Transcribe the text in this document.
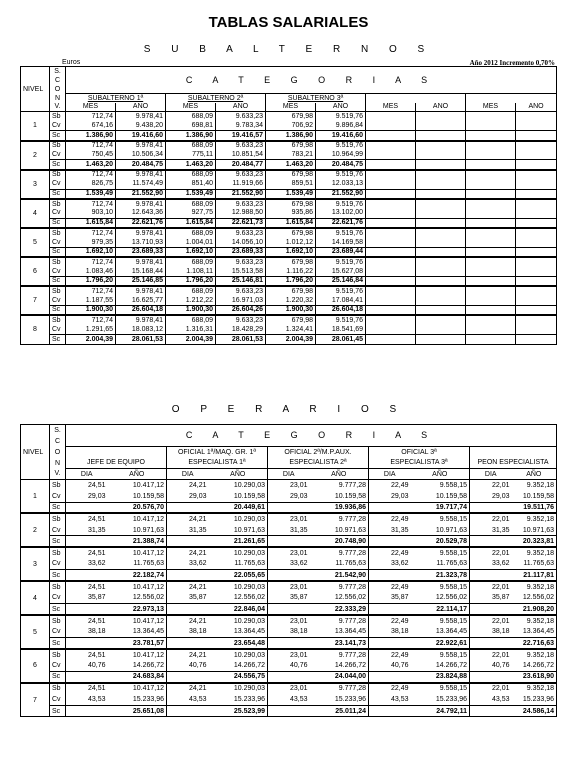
TABLAS SALARIALES
S U B A L T E R N O S
Euros	Año 2012 Incremento 0,70%
NIVEL	S.	C A T E G O R I A S									
	C										
	O										
	N	SUBALTERNO 1ª		SUBALTERNO 2ª		SUBALTERNO 3ª					
	V.	MES	AÑO	MES	AÑO	MES	AÑO	MES	AÑO	MES	AÑO
1	Sb	712,74	9.978,41	688,09	9.633,23	679,98	9.519,76				
	Cv	674,16	9.438,20	698,81	9.783,34	706,92	9.896,84				
	Sc	1.386,90	19.416,60	1.386,90	19.416,57	1.386,90	19.416,60				
2	Sb	712,74	9.978,41	688,09	9.633,23	679,98	9.519,76				
	Cv	750,45	10.506,34	775,11	10.851,54	783,21	10.964,99				
	Sc	1.463,20	20.484,75	1.463,20	20.484,77	1.463,20	20.484,75				
3	Sb	712,74	9.978,41	688,09	9.633,23	679,98	9.519,76				
	Cv	826,75	11.574,49	851,40	11.919,66	859,51	12.033,13				
	Sc	1.539,49	21.552,90	1.539,49	21.552,90	1.539,49	21.552,90				
4	Sb	712,74	9.978,41	688,09	9.633,23	679,98	9.519,76				
	Cv	903,10	12.643,36	927,75	12.988,50	935,86	13.102,00				
	Sc	1.615,84	22.621,76	1.615,84	22.621,73	1.615,84	22.621,76				
5	Sb	712,74	9.978,41	688,09	9.633,23	679,98	9.519,76				
	Cv	979,35	13.710,93	1.004,01	14.056,10	1.012,12	14.169,58				
	Sc	1.692,10	23.689,33	1.692,10	23.689,33	1.692,10	23.689,44				
6	Sb	712,74	9.978,41	688,09	9.633,23	679,98	9.519,76				
	Cv	1.083,46	15.168,44	1.108,11	15.513,58	1.116,22	15.627,08				
	Sc	1.796,20	25.146,85	1.796,20	25.146,81	1.796,20	25.146,84				
7	Sb	712,74	9.978,41	688,09	9.633,23	679,98	9.519,76				
	Cv	1.187,55	16.625,77	1.212,22	16.971,03	1.220,32	17.084,41				
	Sc	1.900,30	26.604,18	1.900,30	26.604,26	1.900,30	26.604,18				
8	Sb	712,74	9.978,41	688,09	9.633,23	679,98	9.519,76				
	Cv	1.291,65	18.083,12	1.316,31	18.428,29	1.324,41	18.541,69				
	Sc	2.004,39	28.061,53	2.004,39	28.061,53	2.004,39	28.061,45				
O P E R A R I O S
NIVEL	S.	C A T E G O R I A S									
	C										
	O			OFICIAL 1ª/MAQ. GR. 1ª		OFICIAL 2ª/M.P.AUX.		OFICIAL 3ª			
	N	JEFE DE EQUIPO		ESPECIALISTA 1ª		ESPECIALISTA 2ª		ESPECIALISTA 3ª		PEON ESPECIALISTA	
	V.	DIA	AÑO	DIA	AÑO	DIA	AÑO	DIA	AÑO	DIA	AÑO
1	Sb	24,51	10.417,12	24,21	10.290,03	23,01	9.777,28	22,49	9.558,15	22,01	9.352,18
	Cv	29,03	10.159,58	29,03	10.159,58	29,03	10.159,58	29,03	10.159,58	29,03	10.159,58
	Sc		20.576,70		20.449,61		19.936,86		19.717,74		19.511,76
2	Sb	24,51	10.417,12	24,21	10.290,03	23,01	9.777,28	22,49	9.558,15	22,01	9.352,18
	Cv	31,35	10.971,63	31,35	10.971,63	31,35	10.971,63	31,35	10.971,63	31,35	10.971,63
	Sc		21.388,74		21.261,65		20.748,90		20.529,78		20.323,81
3	Sb	24,51	10.417,12	24,21	10.290,03	23,01	9.777,28	22,49	9.558,15	22,01	9.352,18
	Cv	33,62	11.765,63	33,62	11.765,63	33,62	11.765,63	33,62	11.765,63	33,62	11.765,63
	Sc		22.182,74		22.055,65		21.542,90		21.323,78		21.117,81
4	Sb	24,51	10.417,12	24,21	10.290,03	23,01	9.777,28	22,49	9.558,15	22,01	9.352,18
	Cv	35,87	12.556,02	35,87	12.556,02	35,87	12.556,02	35,87	12.556,02	35,87	12.556,02
	Sc		22.973,13		22.846,04		22.333,29		22.114,17		21.908,20
5	Sb	24,51	10.417,12	24,21	10.290,03	23,01	9.777,28	22,49	9.558,15	22,01	9.352,18
	Cv	38,18	13.364,45	38,18	13.364,45	38,18	13.364,45	38,18	13.364,45	38,18	13.364,45
	Sc		23.781,57		23.654,48		23.141,73		22.922,61		22.716,63
6	Sb	24,51	10.417,12	24,21	10.290,03	23,01	9.777,28	22,49	9.558,15	22,01	9.352,18
	Cv	40,76	14.266,72	40,76	14.266,72	40,76	14.266,72	40,76	14.266,72	40,76	14.266,72
	Sc		24.683,84		24.556,75		24.044,00		23.824,88		23.618,90
7	Sb	24,51	10.417,12	24,21	10.290,03	23,01	9.777,28	22,49	9.558,15	22,01	9.352,18
	Cv	43,53	15.233,96	43,53	15.233,96	43,53	15.233,96	43,53	15.233,96	43,53	15.233,96
	Sc		25.651,08		25.523,99		25.011,24		24.792,11		24.586,14
